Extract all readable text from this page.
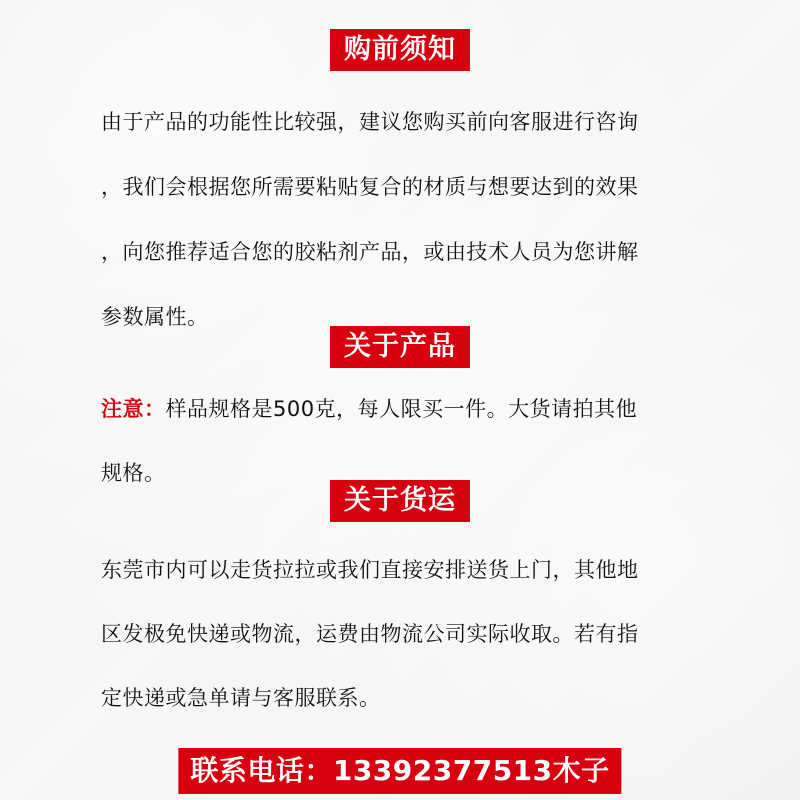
购前须知

由于产品的功能性比较强，建议您购买前向客服进行咨询
，我们会根据您所需要粘贴复合的材质与想要达到的效果
，向您推荐适合您的胶粘剂产品，或由技术人员为您讲解
参数属性。

关于产品

注意：样品规格是500克，每人限买一件。大货请拍其他
规格。

关于货运

东莞市内可以走货拉拉或我们直接安排送货上门，其他地
区发极免快递或物流，运费由物流公司实际收取。若有指
定快递或急单请与客服联系。

联系电话：13392377513木子
